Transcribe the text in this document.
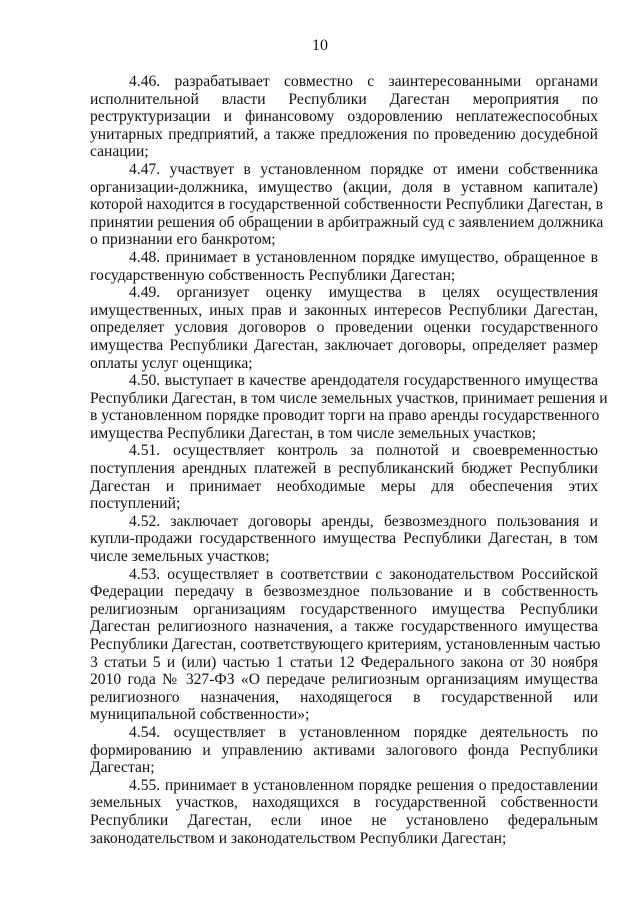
10

4.46. разрабатывает совместно с заинтересованными органами
исполнительной власти Республики Дагестан мероприятия по
реструктуризации и финансовому оздоровлению неплатежеспособных
унитарных предприятий, а также предложения по проведению досудебной
санации;

4.47. участвует в установленном порядке от имени собственника
организации-должника, имущество (акции, доля в уставном капитале)
которой находится в государственной собственности Республики Дагестан, в
принятии решения об обращении в арбитражный суд с заявлением должника
о признании его банкротом;

4.48. принимает в установленном порядке имущество, обращенное в
государственную собственность Республики Дагестан;

4.49. организует оценку имущества в целях осуществления
имущественных, иных прав и законных интересов Республики Дагестан,
определяет условия договоров о проведении оценки государственного
имущества Республики Дагестан, заключает договоры, определяет размер
оплаты услуг оценщика;

4.50. выступает в качестве арендодателя государственного имущества
Республики Дагестан, в том числе земельных участков, принимает решения и
в установленном порядке проводит торги на право аренды государственного
имущества Республики Дагестан, в том числе земельных участков;

4.51. осуществляет контроль за полнотой и своевременностью
поступления арендных платежей в республиканский бюджет Республики
Дагестан и принимает необходимые меры для обеспечения этих
поступлений;

4.52. заключает договоры аренды, безвозмездного пользования и
купли-продажи государственного имущества Республики Дагестан, в том
числе земельных участков;

4.53. осуществляет в соответствии с законодательством Российской
Федерации передачу в безвозмездное пользование и в собственность
религиозным организациям государственного имущества Республики
Дагестан религиозного назначения, а также государственного имущества
Республики Дагестан, соответствующего критериям, установленным частью
3 статьи 5 и (или) частью 1 статьи 12 Федерального закона от 30 ноября
2010 года № 327-ФЗ «О передаче религиозным организациям имущества
религиозного назначения, находящегося в государственной или
муниципальной собственности»;

4.54. осуществляет в установленном порядке деятельность по
формированию и управлению активами залогового фонда Республики
Дагестан;

4.55. принимает в установленном порядке решения о предоставлении
земельных участков, находящихся в государственной собственности
Республики Дагестан, если иное не установлено федеральным
законодательством и законодательством Республики Дагестан;
